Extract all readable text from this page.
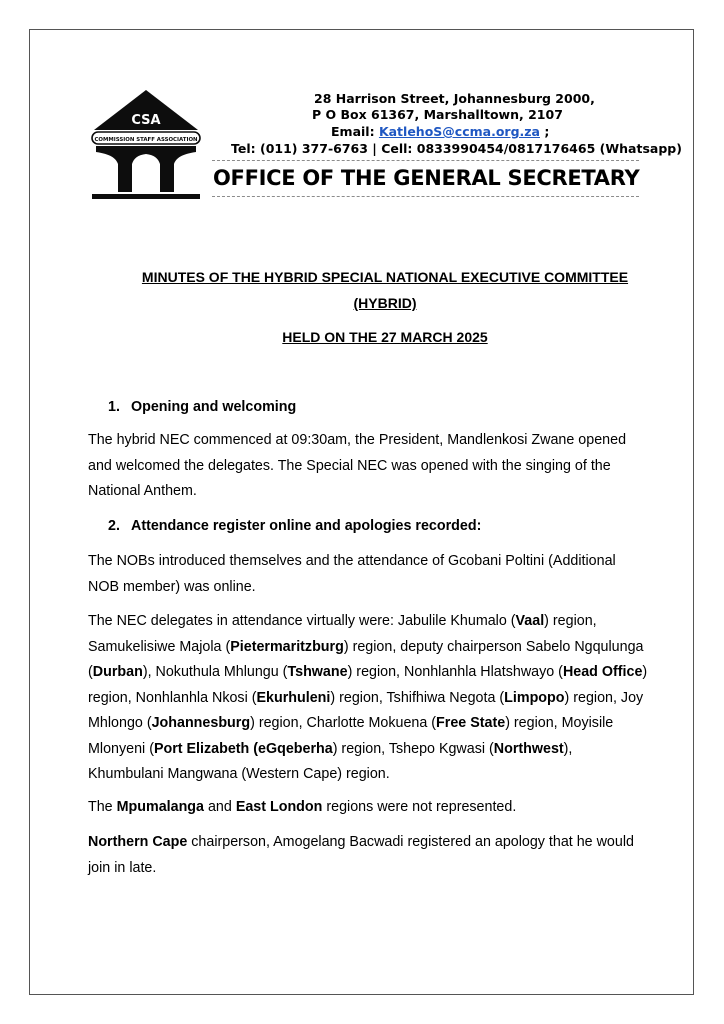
CSA
COMMISSION STAFF ASSOCIATION
28 Harrison Street, Johannesburg 2000,
P O Box 61367, Marshalltown, 2107
Email: KatlehoS@ccma.org.za ;
Tel: (011) 377-6763 | Cell: 0833990454/0817176465 (Whatsapp)
OFFICE OF THE GENERAL SECRETARY
MINUTES OF THE HYBRID SPECIAL NATIONAL EXECUTIVE COMMITTEE
(HYBRID)
HELD ON THE 27 MARCH 2025
1. Opening and welcoming
The hybrid NEC commenced at 09:30am, the President, Mandlenkosi Zwane opened and welcomed the delegates. The Special NEC was opened with the singing of the National Anthem.
2. Attendance register online and apologies recorded:
The NOBs introduced themselves and the attendance of Gcobani Poltini (Additional NOB member) was online.
The NEC delegates in attendance virtually were: Jabulile Khumalo (Vaal) region, Samukelisiwe Majola (Pietermaritzburg) region, deputy chairperson Sabelo Ngqulunga (Durban), Nokuthula Mhlungu (Tshwane) region, Nonhlanhla Hlatshwayo (Head Office) region, Nonhlanhla Nkosi (Ekurhuleni) region, Tshifhiwa Negota (Limpopo) region, Joy Mhlongo (Johannesburg) region, Charlotte Mokuena (Free State) region, Moyisile Mlonyeni (Port Elizabeth (eGqeberha) region, Tshepo Kgwasi (Northwest), Khumbulani Mangwana (Western Cape) region.
The Mpumalanga and East London regions were not represented.
Northern Cape chairperson, Amogelang Bacwadi registered an apology that he would join in late.
